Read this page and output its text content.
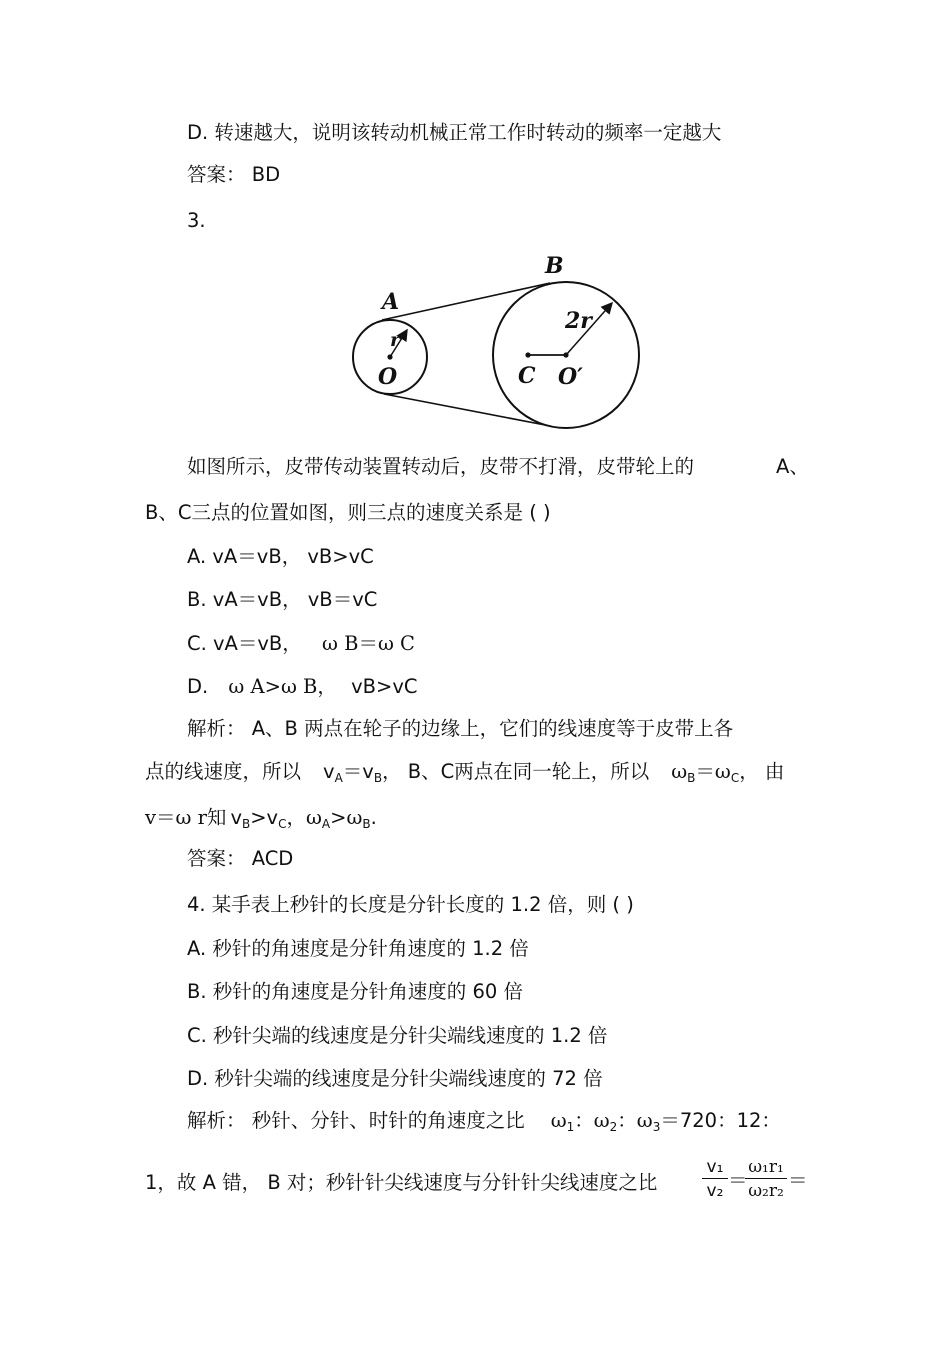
D. 转速越大，说明该转动机械正常工作时转动的频率一定越大
答案： BD
3.
A
B
r
O
2r
C O′
如图所示，皮带传动装置转动后，皮带不打滑，皮带轮上的	A、
B、C三点的位置如图，则三点的速度关系是 ( )
A. vA＝vB， vB>vC
B. vA＝vB， vB＝vC
C. vA＝vB， ω B＝ω C
D. ω A>ω B， vB>vC
解析： A、B 两点在轮子的边缘上，它们的线速度等于皮带上各
点的线速度，所以 $v_A=v_B$， B、C两点在同一轮上，所以 $\omega_B=\omega_C$， 由
v＝ω r知 $v_B>v_C$，$\omega_A>\omega_B$.
答案： ACD
4. 某手表上秒针的长度是分针长度的 1.2 倍，则 ( )
A. 秒针的角速度是分针角速度的 1.2 倍
B. 秒针的角速度是分针角速度的 60 倍
C. 秒针尖端的线速度是分针尖端线速度的 1.2 倍
D. 秒针尖端的线速度是分针尖端线速度的 72 倍
解析： 秒针、分针、时针的角速度之比 $\omega_1$：$\omega_2$：$\omega_3=720$：12：
1，故 A 错， B 对；秒针针尖线速度与分针针尖线速度之比	$\frac{\text{v₁}}{\text{v₂}}$ ＝
$\frac{\text{ω₁r₁}}{\text{ω₂r₂}}$ ＝
